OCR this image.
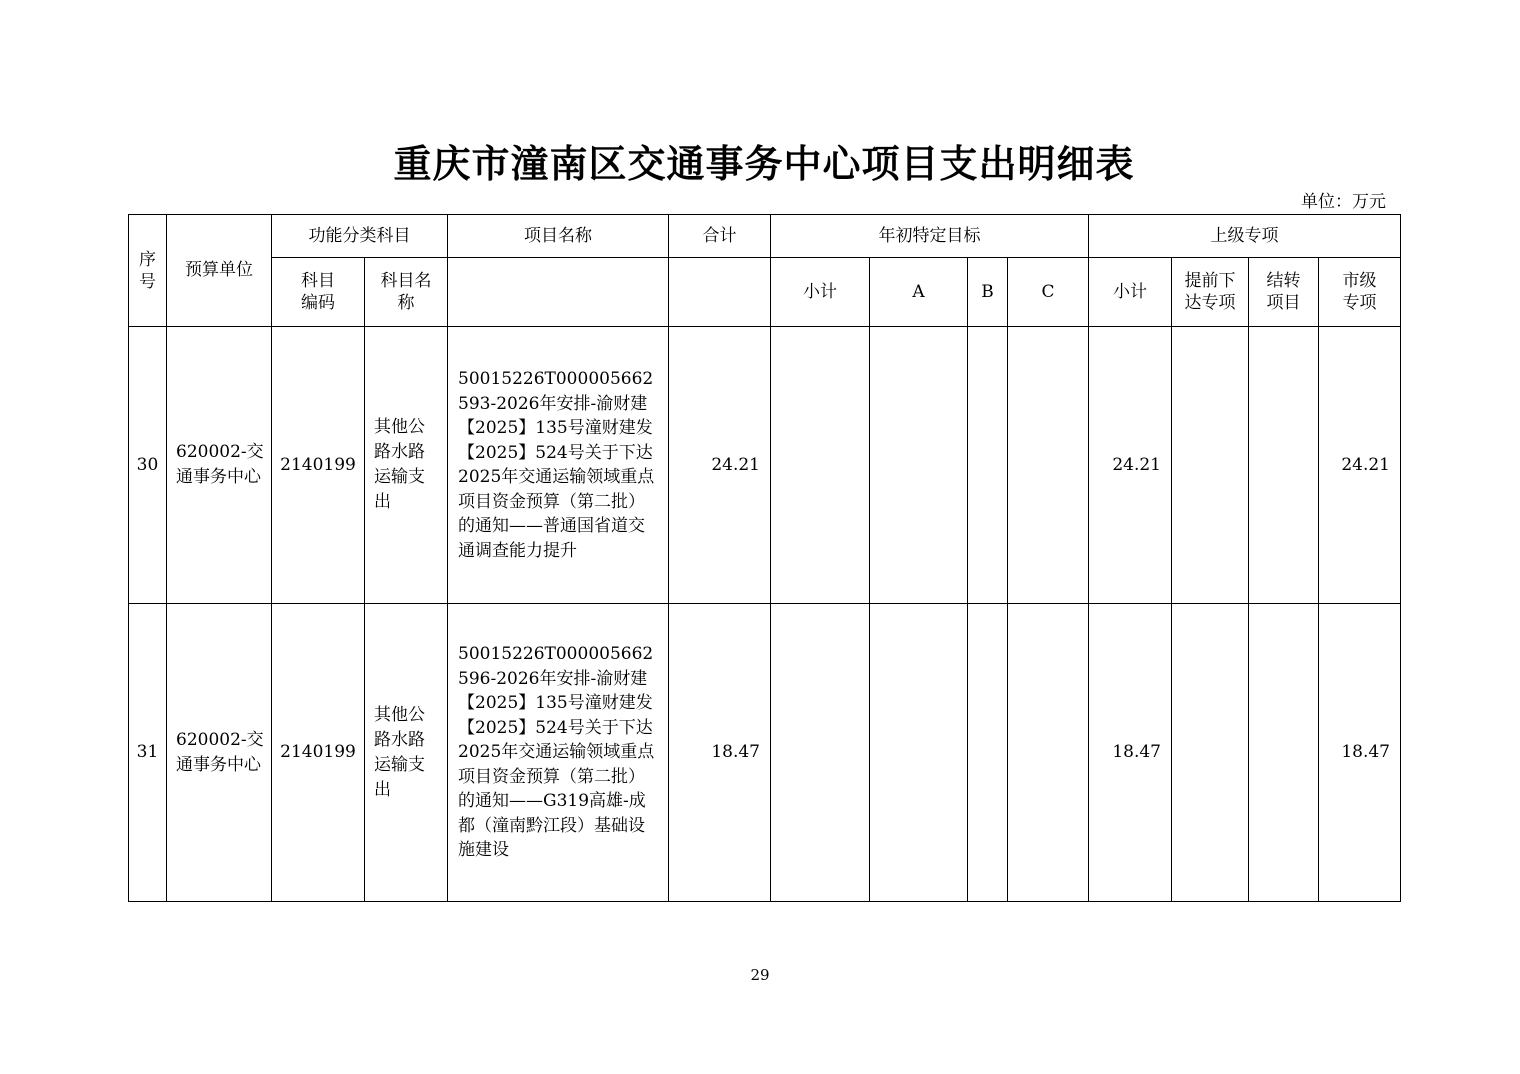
重庆市潼南区交通事务中心项目支出明细表
单位：万元
序号	预算单位	功能分类科目		项目名称	合计	年初特定目标				上级专项			
		科目编码	科目名称			小计	A	B	C	小计	提前下达专项	结转项目	市级专项
30	620002-交通事务中心	2140199	其他公路水路运输支出	50015226T000005662593-2026年安排-渝财建【2025】135号潼财建发【2025】524号关于下达2025年交通运输领域重点项目资金预算（第二批）的通知——普通国省道交通调查能力提升	24.21					24.21			24.21
31	620002-交通事务中心	2140199	其他公路水路运输支出	50015226T000005662596-2026年安排-渝财建【2025】135号潼财建发【2025】524号关于下达2025年交通运输领域重点项目资金预算（第二批）的通知——G319高雄-成都（潼南黔江段）基础设施建设	18.47					18.47			18.47
29
